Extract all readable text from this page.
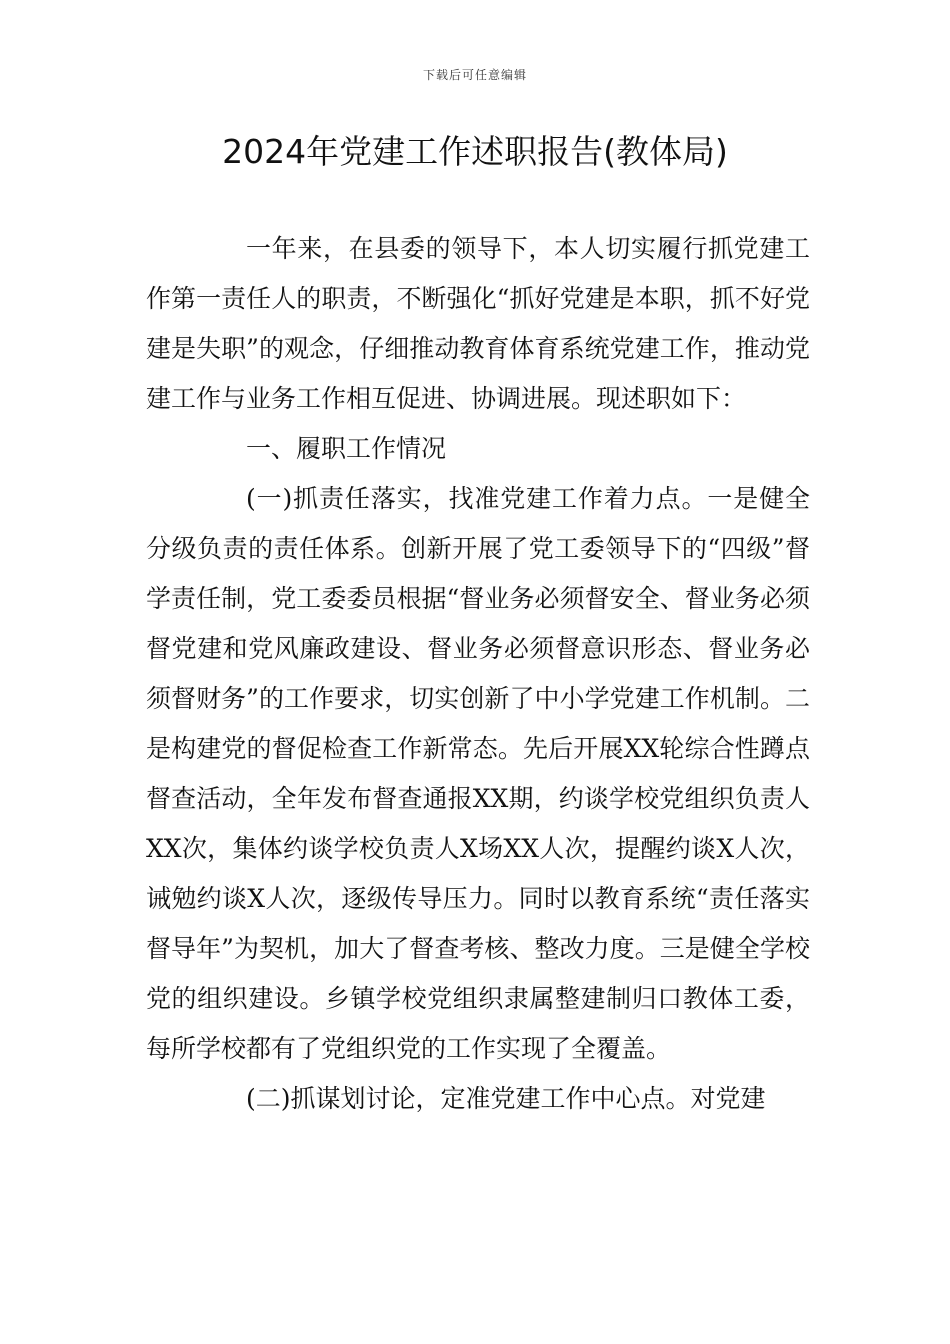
下载后可任意编辑
2024年党建工作述职报告(教体局)

一年来，在县委的领导下，本人切实履行抓党建工作第一责任人的职责，不断强化“抓好党建是本职，抓不好党建是失职”的观念，仔细推动教育体育系统党建工作，推动党建工作与业务工作相互促进、协调进展。现述职如下：

一、履职工作情况

(一)抓责任落实，找准党建工作着力点。一是健全分级负责的责任体系。创新开展了党工委领导下的“四级”督学责任制，党工委委员根据“督业务必须督安全、督业务必须督党建和党风廉政建设、督业务必须督意识形态、督业务必须督财务”的工作要求，切实创新了中小学党建工作机制。二是构建党的督促检查工作新常态。先后开展XX轮综合性蹲点督查活动，全年发布督查通报XX期，约谈学校党组织负责人XX次，集体约谈学校负责人X场XX人次，提醒约谈X人次，诫勉约谈X人次，逐级传导压力。同时以教育系统“责任落实督导年”为契机，加大了督查考核、整改力度。三是健全学校党的组织建设。乡镇学校党组织隶属整建制归口教体工委，每所学校都有了党组织党的工作实现了全覆盖。

(二)抓谋划讨论，定准党建工作中心点。对党建
